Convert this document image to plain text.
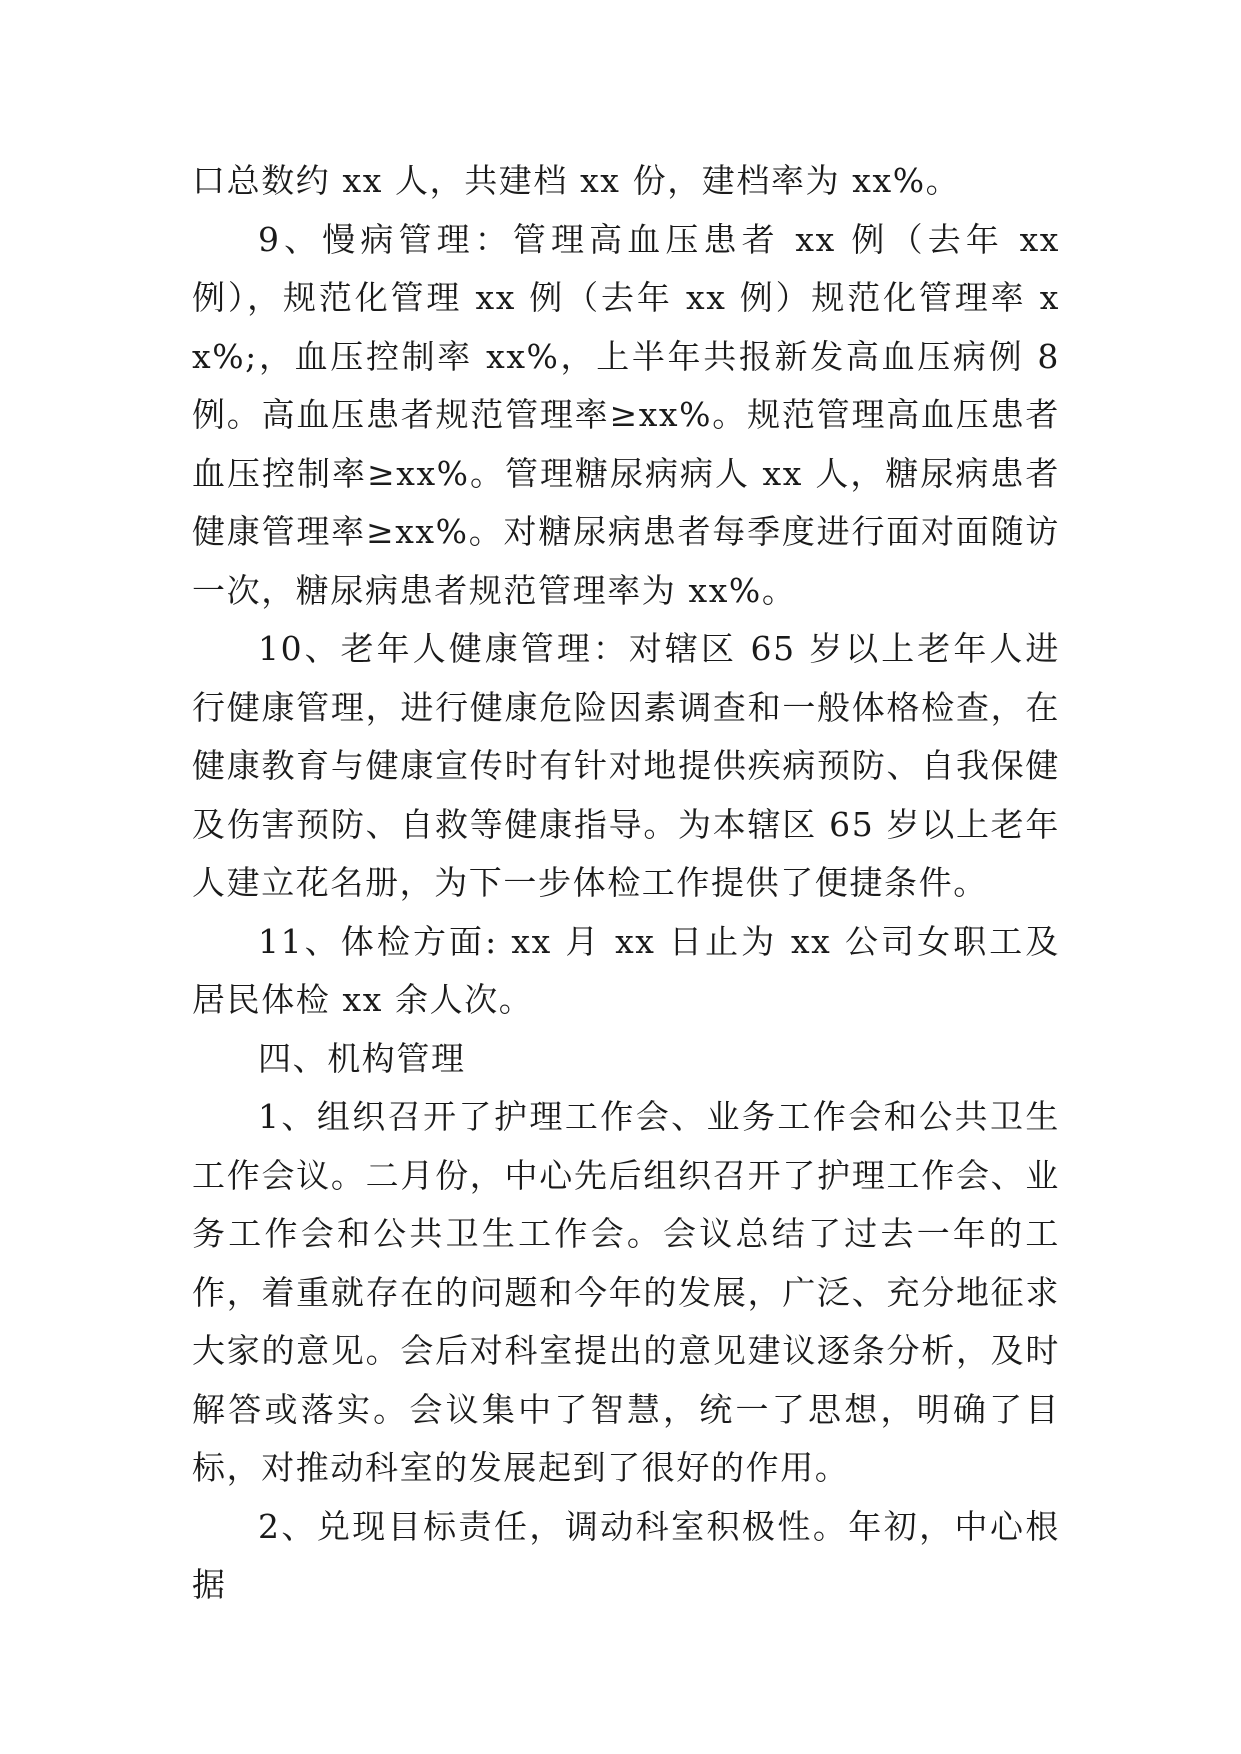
口总数约 xx 人，共建档 xx 份，建档率为 xx%。

9、慢病管理：管理高血压患者 xx 例（去年 xx 例），规范化管理 xx 例（去年 xx 例）规范化管理率 xx%;，血压控制率 xx%，上半年共报新发高血压病例 8 例。高血压患者规范管理率≥xx%。规范管理高血压患者血压控制率≥xx%。管理糖尿病病人 xx 人，糖尿病患者健康管理率≥xx%。对糖尿病患者每季度进行面对面随访一次，糖尿病患者规范管理率为 xx%。

10、老年人健康管理：对辖区 65 岁以上老年人进行健康管理，进行健康危险因素调查和一般体格检查，在健康教育与健康宣传时有针对地提供疾病预防、自我保健及伤害预防、自救等健康指导。为本辖区 65 岁以上老年人建立花名册，为下一步体检工作提供了便捷条件。

11、体检方面: xx 月 xx 日止为 xx 公司女职工及居民体检 xx 余人次。

四、机构管理

1、组织召开了护理工作会、业务工作会和公共卫生工作会议。二月份，中心先后组织召开了护理工作会、业务工作会和公共卫生工作会。会议总结了过去一年的工作，着重就存在的问题和今年的发展，广泛、充分地征求大家的意见。会后对科室提出的意见建议逐条分析，及时解答或落实。会议集中了智慧，统一了思想，明确了目标，对推动科室的发展起到了很好的作用。

2、兑现目标责任，调动科室积极性。年初，中心根据
